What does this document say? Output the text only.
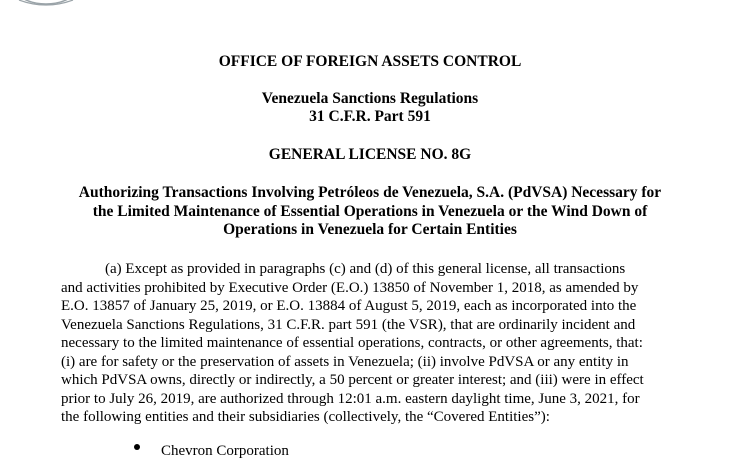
OFFICE OF FOREIGN ASSETS CONTROL
Venezuela Sanctions Regulations
31 C.F.R. Part 591
GENERAL LICENSE NO. 8G
Authorizing Transactions Involving Petróleos de Venezuela, S.A. (PdVSA) Necessary for
the Limited Maintenance of Essential Operations in Venezuela or the Wind Down of
Operations in Venezuela for Certain Entities
(a) Except as provided in paragraphs (c) and (d) of this general license, all transactions
and activities prohibited by Executive Order (E.O.) 13850 of November 1, 2018, as amended by
E.O. 13857 of January 25, 2019, or E.O. 13884 of August 5, 2019, each as incorporated into the
Venezuela Sanctions Regulations, 31 C.F.R. part 591 (the VSR), that are ordinarily incident and
necessary to the limited maintenance of essential operations, contracts, or other agreements, that:
(i) are for safety or the preservation of assets in Venezuela; (ii) involve PdVSA or any entity in
which PdVSA owns, directly or indirectly, a 50 percent or greater interest; and (iii) were in effect
prior to July 26, 2019, are authorized through 12:01 a.m. eastern daylight time, June 3, 2021, for
the following entities and their subsidiaries (collectively, the “Covered Entities”):
Chevron Corporation
